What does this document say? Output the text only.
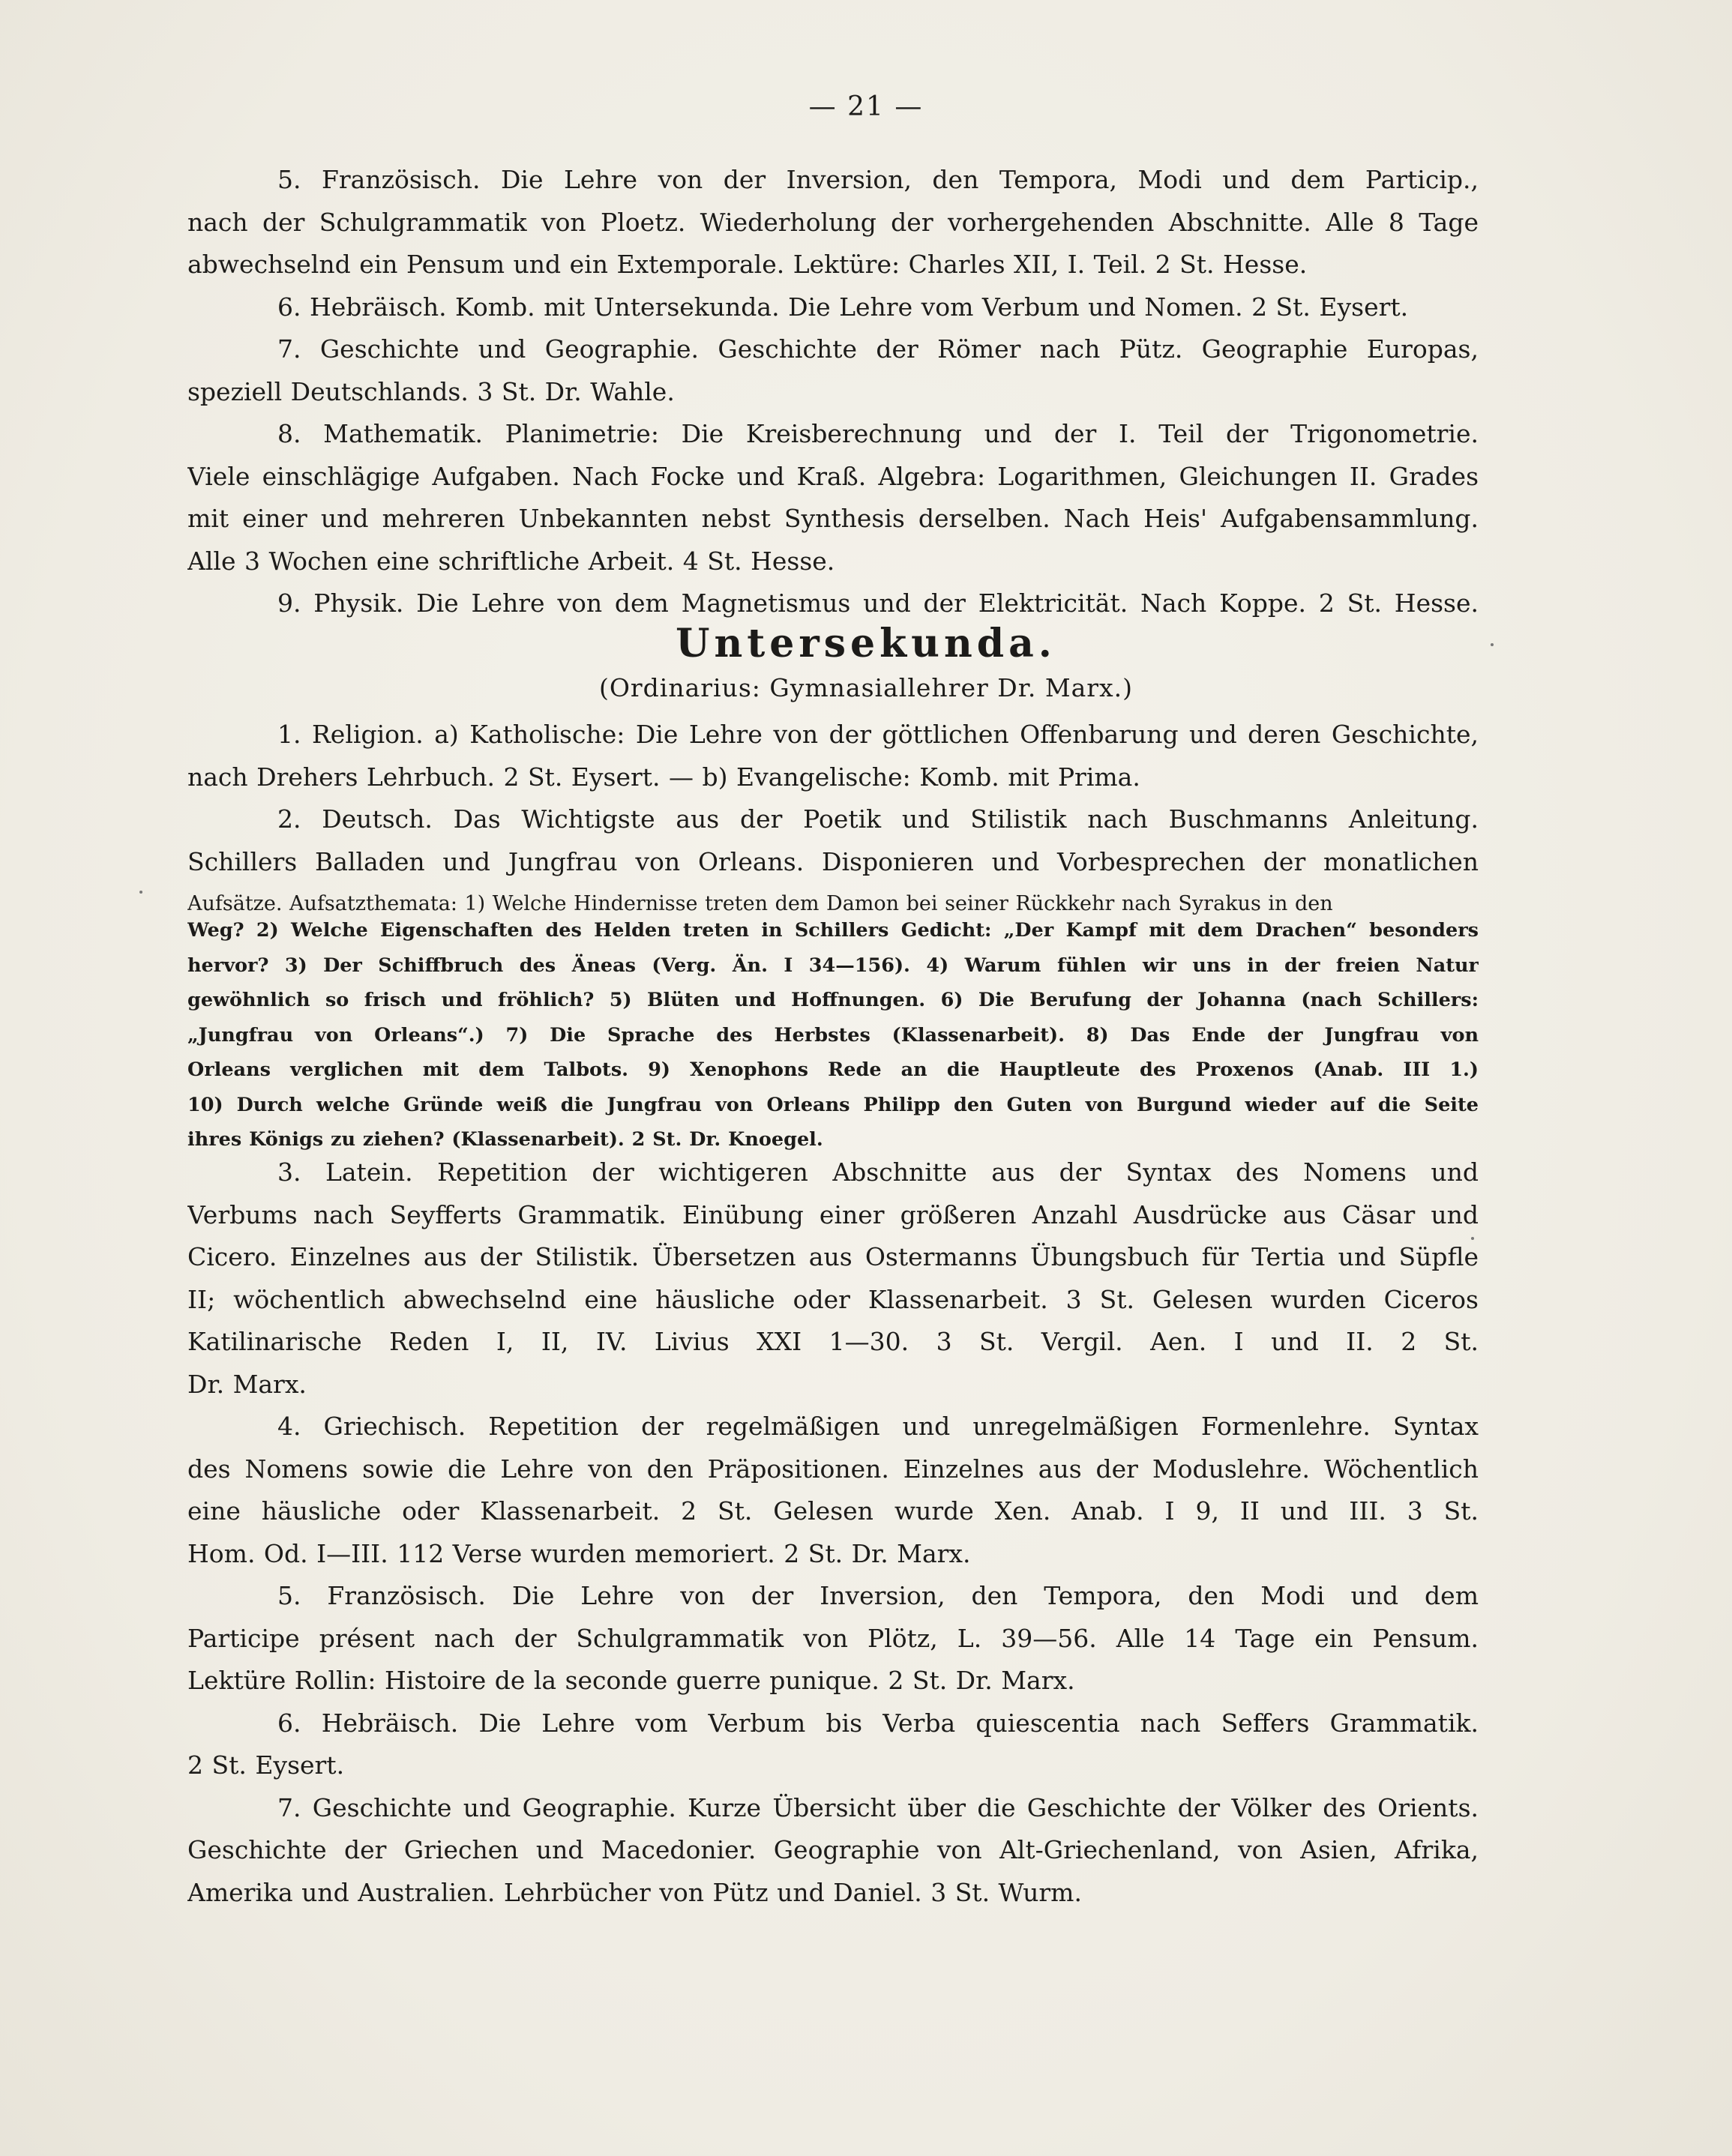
— 21 —
5. Französisch. Die Lehre von der Inversion, den Tempora, Modi und dem Particip.,
nach der Schulgrammatik von Ploetz. Wiederholung der vorhergehenden Abschnitte. Alle 8 Tage
abwechselnd ein Pensum und ein Extemporale. Lektüre: Charles XII, I. Teil. 2 St. Hesse.
6. Hebräisch. Komb. mit Untersekunda. Die Lehre vom Verbum und Nomen. 2 St. Eysert.
7. Geschichte und Geographie. Geschichte der Römer nach Pütz. Geographie Europas,
speziell Deutschlands. 3 St. Dr. Wahle.
8. Mathematik. Planimetrie: Die Kreisberechnung und der I. Teil der Trigonometrie.
Viele einschlägige Aufgaben. Nach Focke und Kraß. Algebra: Logarithmen, Gleichungen II. Grades
mit einer und mehreren Unbekannten nebst Synthesis derselben. Nach Heis' Aufgabensammlung.
Alle 3 Wochen eine schriftliche Arbeit. 4 St. Hesse.
9. Physik. Die Lehre von dem Magnetismus und der Elektricität. Nach Koppe. 2 St. Hesse.
Untersekunda.
(Ordinarius: Gymnasiallehrer Dr. Marx.)
1. Religion. a) Katholische: Die Lehre von der göttlichen Offenbarung und deren Geschichte,
nach Drehers Lehrbuch. 2 St. Eysert. — b) Evangelische: Komb. mit Prima.
2. Deutsch. Das Wichtigste aus der Poetik und Stilistik nach Buschmanns Anleitung.
Schillers Balladen und Jungfrau von Orleans. Disponieren und Vorbesprechen der monatlichen
Aufsätze. Aufsatzthemata: 1) Welche Hindernisse treten dem Damon bei seiner Rückkehr nach Syrakus in den
Weg? 2) Welche Eigenschaften des Helden treten in Schillers Gedicht: „Der Kampf mit dem Drachen“ besonders
hervor? 3) Der Schiffbruch des Äneas (Verg. Än. I 34—156). 4) Warum fühlen wir uns in der freien Natur
gewöhnlich so frisch und fröhlich? 5) Blüten und Hoffnungen. 6) Die Berufung der Johanna (nach Schillers:
„Jungfrau von Orleans“.) 7) Die Sprache des Herbstes (Klassenarbeit). 8) Das Ende der Jungfrau von
Orleans verglichen mit dem Talbots. 9) Xenophons Rede an die Hauptleute des Proxenos (Anab. III 1.)
10) Durch welche Gründe weiß die Jungfrau von Orleans Philipp den Guten von Burgund wieder auf die Seite
ihres Königs zu ziehen? (Klassenarbeit). 2 St. Dr. Knoegel.
3. Latein. Repetition der wichtigeren Abschnitte aus der Syntax des Nomens und
Verbums nach Seyfferts Grammatik. Einübung einer größeren Anzahl Ausdrücke aus Cäsar und
Cicero. Einzelnes aus der Stilistik. Übersetzen aus Ostermanns Übungsbuch für Tertia und Süpfle
II; wöchentlich abwechselnd eine häusliche oder Klassenarbeit. 3 St. Gelesen wurden Ciceros
Katilinarische Reden I, II, IV. Livius XXI 1—30. 3 St. Vergil. Aen. I und II. 2 St.
Dr. Marx.
4. Griechisch. Repetition der regelmäßigen und unregelmäßigen Formenlehre. Syntax
des Nomens sowie die Lehre von den Präpositionen. Einzelnes aus der Moduslehre. Wöchentlich
eine häusliche oder Klassenarbeit. 2 St. Gelesen wurde Xen. Anab. I 9, II und III. 3 St.
Hom. Od. I—III. 112 Verse wurden memoriert. 2 St. Dr. Marx.
5. Französisch. Die Lehre von der Inversion, den Tempora, den Modi und dem
Participe présent nach der Schulgrammatik von Plötz, L. 39—56. Alle 14 Tage ein Pensum.
Lektüre Rollin: Histoire de la seconde guerre punique. 2 St. Dr. Marx.
6. Hebräisch. Die Lehre vom Verbum bis Verba quiescentia nach Seffers Grammatik.
2 St. Eysert.
7. Geschichte und Geographie. Kurze Übersicht über die Geschichte der Völker des Orients.
Geschichte der Griechen und Macedonier. Geographie von Alt-Griechenland, von Asien, Afrika,
Amerika und Australien. Lehrbücher von Pütz und Daniel. 3 St. Wurm.
